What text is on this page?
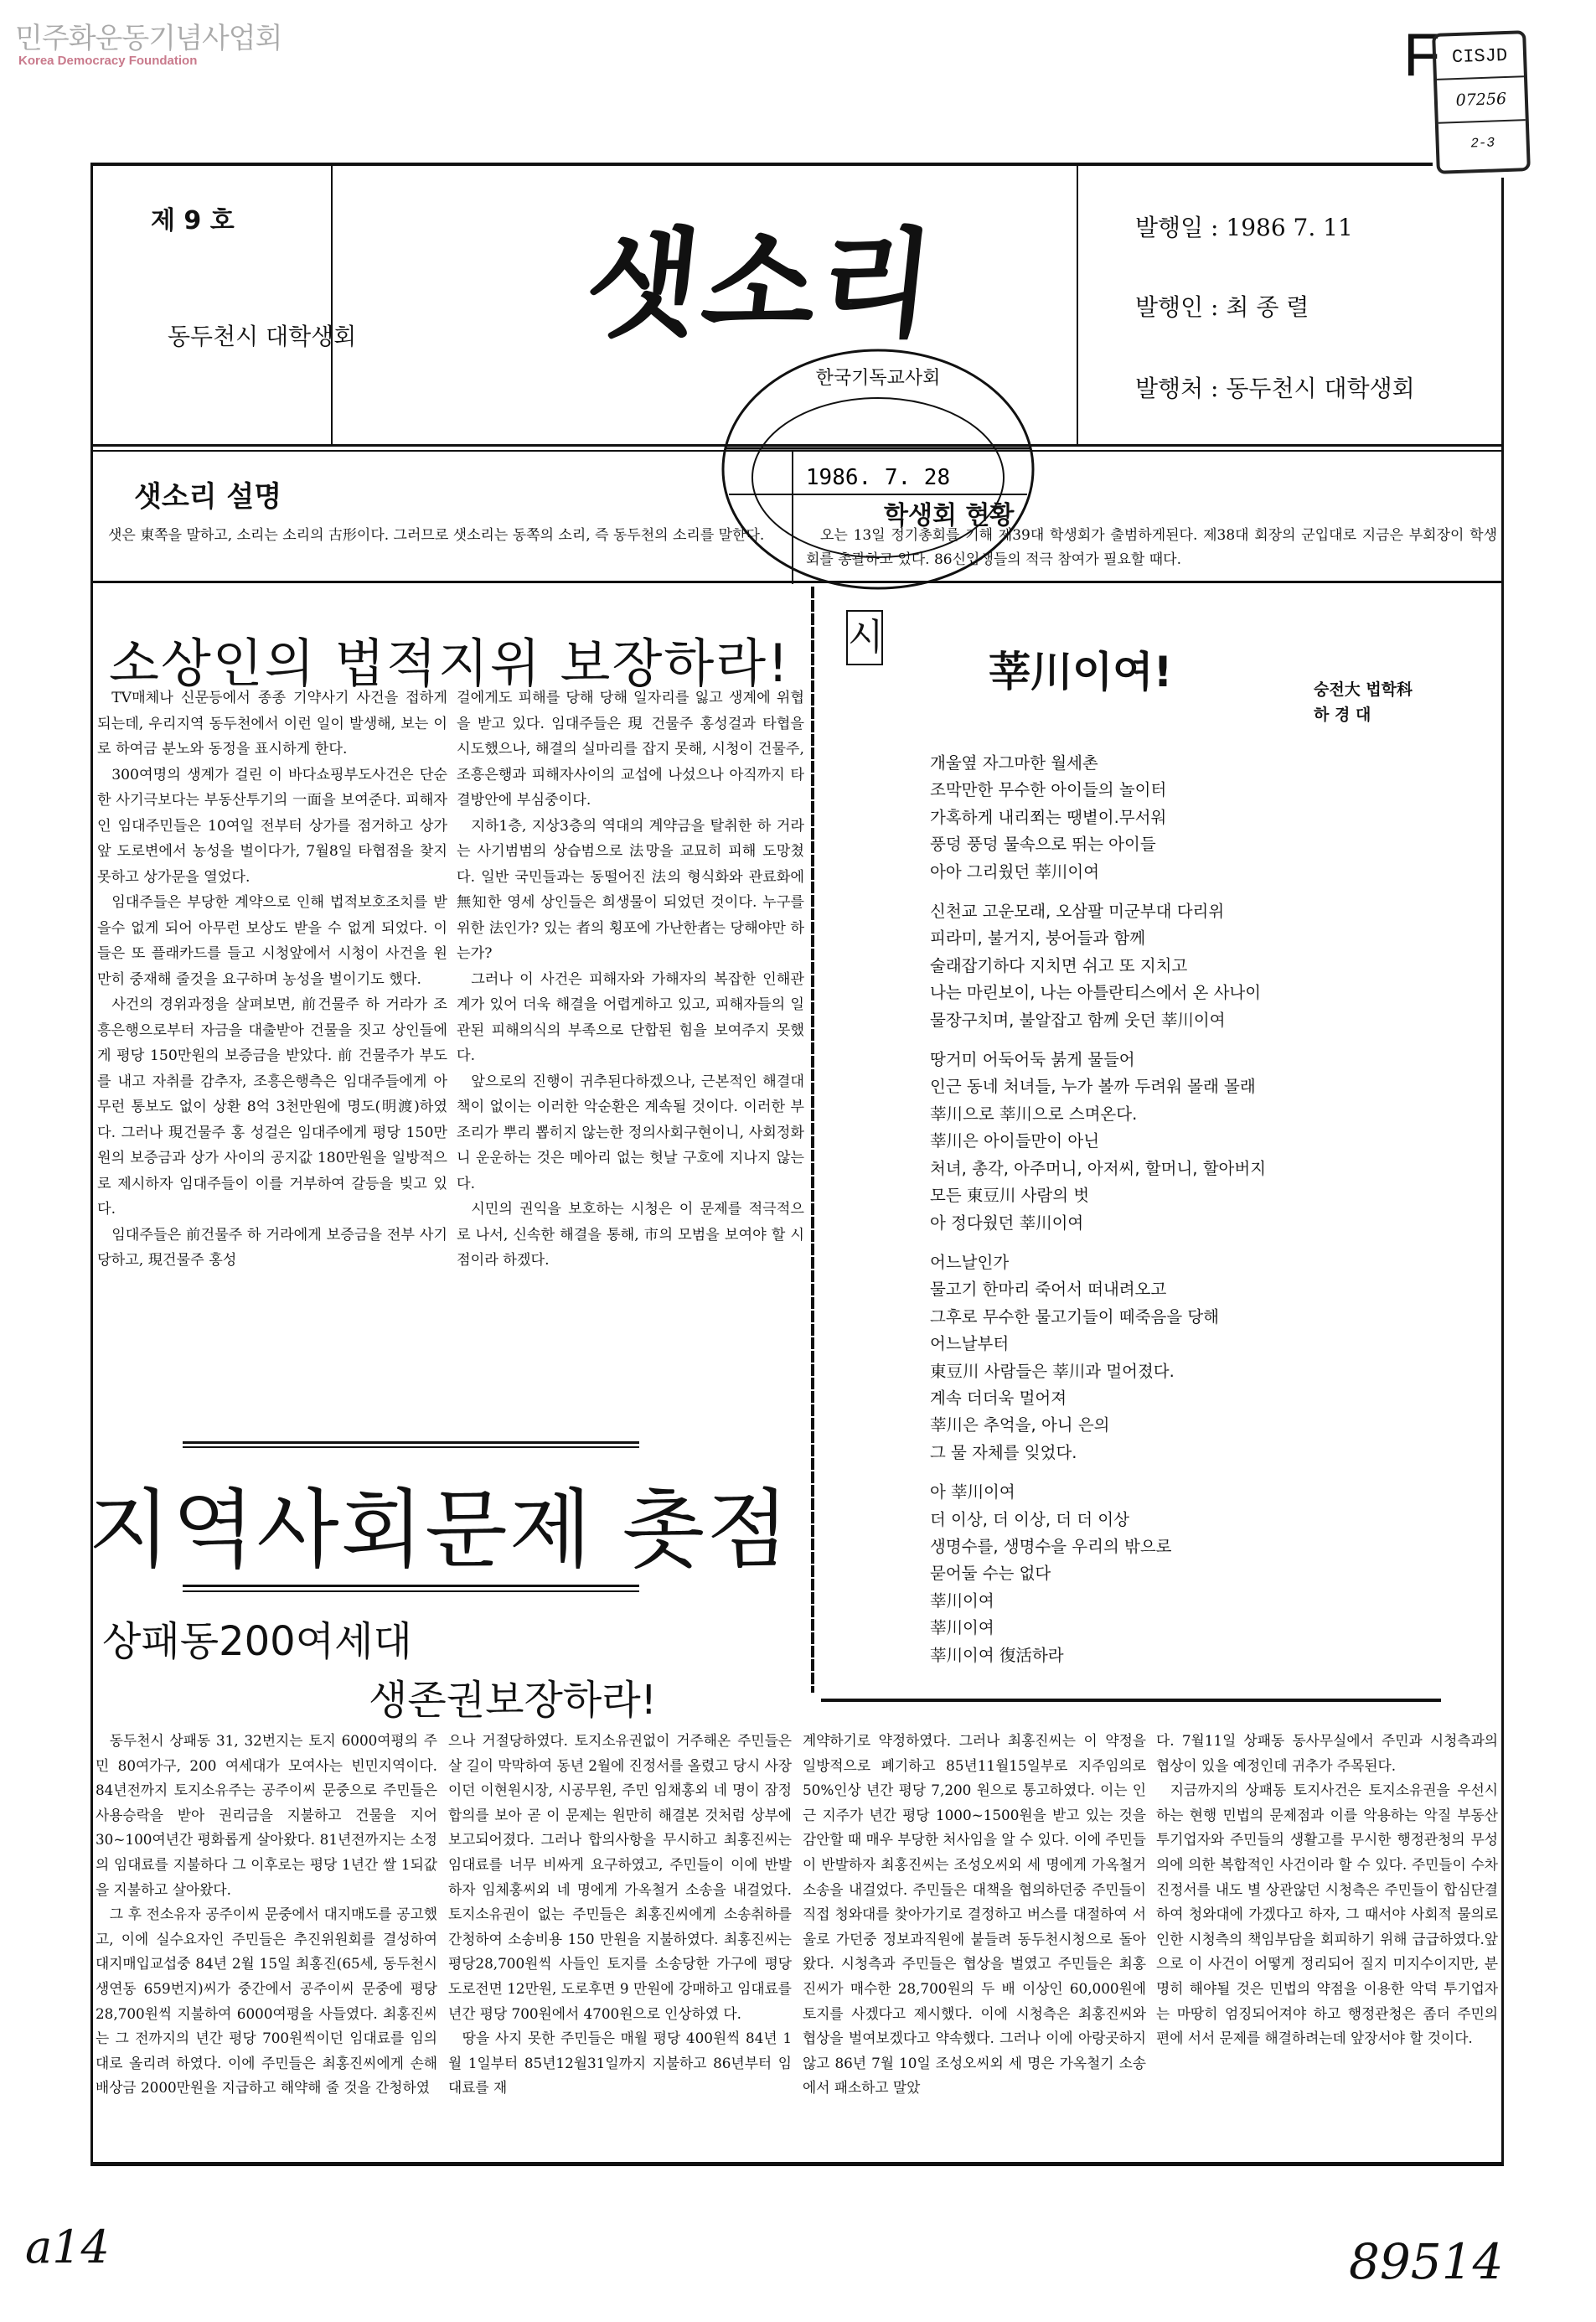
민주화운동기념사업회
Korea Democracy Foundation	F CISJD
07256
2-3
제 9 호
동두천시 대학생회 샛소리	발행일 : 1986 7. 11
발행인 : 최 종 렬
발행처 : 동두천시 대학생회
한국기독교사회
1986. 7. 28
샛소리 설명

샛은 東쪽을 말하고, 소리는 소리의 古形이다. 그러므로 샛소리는 동쪽의 소리, 즉 동두천의 소리를 말한다.

학생회 현황

오는 13일 정기총회를 기해 제39대 학생회가 출범하게된다. 제38대 회장의 군입대로 지금은 부회장이 학생회를 총괄하고 있다. 86신입생들의 적극 참여가 필요할 때다.

소상인의 법적지위 보장하라!

TV매체나 신문등에서 종종 기약사기 사건을 접하게 되는데, 우리지역 동두천에서 이런 일이 발생해, 보는 이로 하여금 분노와 동정을 표시하게 한다.

300여명의 생계가 걸린 이 바다쇼핑부도사건은 단순한 사기극보다는 부동산투기의 一面을 보여준다. 피해자인 임대주민들은 10여일 전부터 상가를 점거하고 상가앞 도로변에서 농성을 벌이다가, 7월8일 타협점을 찾지 못하고 상가문을 열었다.

임대주들은 부당한 계약으로 인해 법적보호조치를 받을수 없게 되어 아무런 보상도 받을 수 없게 되었다. 이들은 또 플래카드를 들고 시청앞에서 시청이 사건을 원만히 중재해 줄것을 요구하며 농성을 벌이기도 했다.

사건의 경위과정을 살펴보면, 前건물주 하 거라가 조흥은행으로부터 자금을 대출받아 건물을 짓고 상인들에게 평당 150만원의 보증금을 받았다. 前 건물주가 부도를 내고 자취를 감추자, 조흥은행측은 임대주들에게 아무런 통보도 없이 상환 8억 3천만원에 명도(明渡)하였다. 그러나 現건물주 홍 성걸은 임대주에게 평당 150만원의 보증금과 상가 사이의 공지값 180만원을 일방적으로 제시하자 임대주들이 이를 거부하여 갈등을 빚고 있다.

임대주들은 前건물주 하 거라에게 보증금을 전부 사기당하고, 現건물주 홍성

걸에게도 피해를 당해 당해 일자리를 잃고 생계에 위협을 받고 있다. 임대주들은 現 건물주 홍성걸과 타협을 시도했으나, 해결의 실마리를 잡지 못해, 시청이 건물주, 조흥은행과 피해자사이의 교섭에 나섰으나 아직까지 타결방안에 부심중이다.

지하1층, 지상3층의 역대의 계약금을 탈취한 하 거라는 사기범범의 상습범으로 法망을 교묘히 피해 도망쳤다. 일반 국민들과는 동떨어진 法의 형식화와 관료화에 無知한 영세 상인들은 희생물이 되었던 것이다. 누구를 위한 法인가? 있는 者의 횡포에 가난한者는 당해야만 하는가?

그러나 이 사건은 피해자와 가해자의 복잡한 인해관계가 있어 더욱 해결을 어렵게하고 있고, 피해자들의 일관된 피해의식의 부족으로 단합된 힘을 보여주지 못했다.

앞으로의 진행이 귀추된다하겠으나, 근본적인 해결대책이 없이는 이러한 악순환은 계속될 것이다. 이러한 부조리가 뿌리 뽑히지 않는한 정의사회구현이니, 사회정화니 운운하는 것은 메아리 없는 헛날 구호에 지나지 않는다.

시민의 권익을 보호하는 시청은 이 문제를 적극적으로 나서, 신속한 해결을 통해, 市의 모범을 보여야 할 시점이라 하겠다.

시
莘川이여!	숭전大 법학科
하 경 대
개울옆 자그마한 월세촌
조막만한 무수한 아이들의 놀이터
가혹하게 내리쬐는 땡볕이.무서워
풍덩 풍덩 물속으로 뛰는 아이들
아아 그리웠던 莘川이여
신천교 고운모래, 오삼팔 미군부대 다리위
피라미, 불거지, 붕어들과 함께
술래잡기하다 지치면 쉬고 또 지치고
나는 마린보이, 나는 아틀란티스에서 온 사나이
물장구치며, 불알잡고 함께 웃던 莘川이여
땅거미 어둑어둑 붉게 물들어
인근 동네 처녀들, 누가 볼까 두려워 몰래 몰래
莘川으로 莘川으로 스며온다.
莘川은 아이들만이 아닌
처녀, 총각, 아주머니, 아저씨, 할머니, 할아버지
모든 東豆川 사람의 벗
아 정다웠던 莘川이여
어느날인가
물고기 한마리 죽어서 떠내려오고
그후로 무수한 물고기들이 떼죽음을 당해
어느날부터
東豆川 사람들은 莘川과 멀어졌다.
계속 더더욱 멀어져
莘川은 추억을, 아니 은의
그 물 자체를 잊었다.
아 莘川이여
더 이상, 더 이상, 더 더 이상
생명수를, 생명수을 우리의 밖으로
묻어둘 수는 없다
莘川이여
莘川이여
莘川이여 復活하라
지역사회문제 촛점
상패동200여세대
생존권보장하라!

동두천시 상패동 31, 32번지는 토지 6000여평의 주민 80여가구, 200 여세대가 모여사는 빈민지역이다. 84년전까지 토지소유주는 공주이씨 문중으로 주민들은 사용승락을 받아 권리금을 지불하고 건물을 지어 30~100여년간 평화롭게 살아왔다. 81년전까지는 소정의 임대료를 지불하다 그 이후로는 평당 1년간 쌀 1되값을 지불하고 살아왔다.

그 후 전소유자 공주이씨 문중에서 대지매도를 공고했고, 이에 실수요자인 주민들은 추진위원회를 결성하여 대지매입교섭중 84년 2월 15일 최홍진(65세, 동두천시 생연동 659번지)씨가 중간에서 공주이씨 문중에 평당28,700원씩 지불하여 6000여평을 사들였다. 최홍진씨는 그 전까지의 년간 평당 700원씩이던 임대료를 임의대로 올리려 하였다. 이에 주민들은 최홍진씨에게 손해배상금 2000만원을 지급하고 해약해 줄 것을 간청하였

으나 거절당하였다. 토지소유권없이 거주해온 주민들은 살 길이 막막하여 동년 2월에 진정서를 올렸고 당시 사장이던 이현원시장, 시공무원, 주민 임채홍외 네 명이 잠정합의를 보아 곧 이 문제는 원만히 해결본 것처럼 상부에 보고되어졌다. 그러나 합의사항을 무시하고 최홍진씨는 임대료를 너무 비싸게 요구하였고, 주민들이 이에 반발하자 임체홍씨외 네 명에게 가옥철거 소송을 내걸었다. 토지소유권이 없는 주민들은 최홍진씨에게 소송취하를 간청하여 소송비용 150 만원을 지불하였다. 최홍진씨는 평당28,700원씩 사들인 토지를 소송당한 가구에 평당 도로전면 12만원, 도로후면 9 만원에 강매하고 임대료를 년간 평당 700원에서 4700원으로 인상하였 다.

땅을 사지 못한 주민들은 매월 평당 400원씩 84년 1월 1일부터 85년12월31일까지 지불하고 86년부터 임대료를 재

계약하기로 약정하였다. 그러나 최홍진씨는 이 약정을 일방적으로 폐기하고 85년11월15일부로 지주임의로 50%인상 년간 평당 7,200 원으로 통고하였다. 이는 인근 지주가 년간 평당 1000~1500원을 받고 있는 것을 감안할 때 매우 부당한 처사임을 알 수 있다. 이에 주민들이 반발하자 최홍진씨는 조성오씨외 세 명에게 가옥철거 소송을 내걸었다. 주민들은 대책을 협의하던중 주민들이 직접 청와대를 찾아가기로 결정하고 버스를 대절하여 서울로 가던중 정보과직원에 붙들려 동두천시청으로 돌아왔다. 시청측과 주민들은 협상을 벌였고 주민들은 최홍진씨가 매수한 28,700원의 두 배 이상인 60,000원에 토지를 사겠다고 제시했다. 이에 시청측은 최홍진씨와 협상을 벌여보겠다고 약속했다. 그러나 이에 아랑곳하지 않고 86년 7월 10일 조성오씨외 세 명은 가옥철기 소송에서 패소하고 말았

다. 7월11일 상패동 동사무실에서 주민과 시청측과의 협상이 있을 예정인데 귀추가 주목된다.

지금까지의 상패동 토지사건은 토지소유권을 우선시하는 현행 민법의 문제점과 이를 악용하는 악질 부동산 투기업자와 주민들의 생활고를 무시한 행정관청의 무성의에 의한 복합적인 사건이라 할 수 있다. 주민들이 수차 진정서를 내도 별 상관않던 시청측은 주민들이 합심단결하여 청와대에 가겠다고 하자, 그 때서야 사회적 물의로 인한 시청측의 책임부담을 회피하기 위해 급급하였다.앞으로 이 사건이 어떻게 정리되어 질지 미지수이지만, 분명히 해야될 것은 민법의 약점을 이용한 악덕 투기업자는 마땅히 엄징되어져야 하고 행정관청은 좀더 주민의 편에 서서 문제를 해결하려는데 앞장서야 할 것이다.

a14	89514
